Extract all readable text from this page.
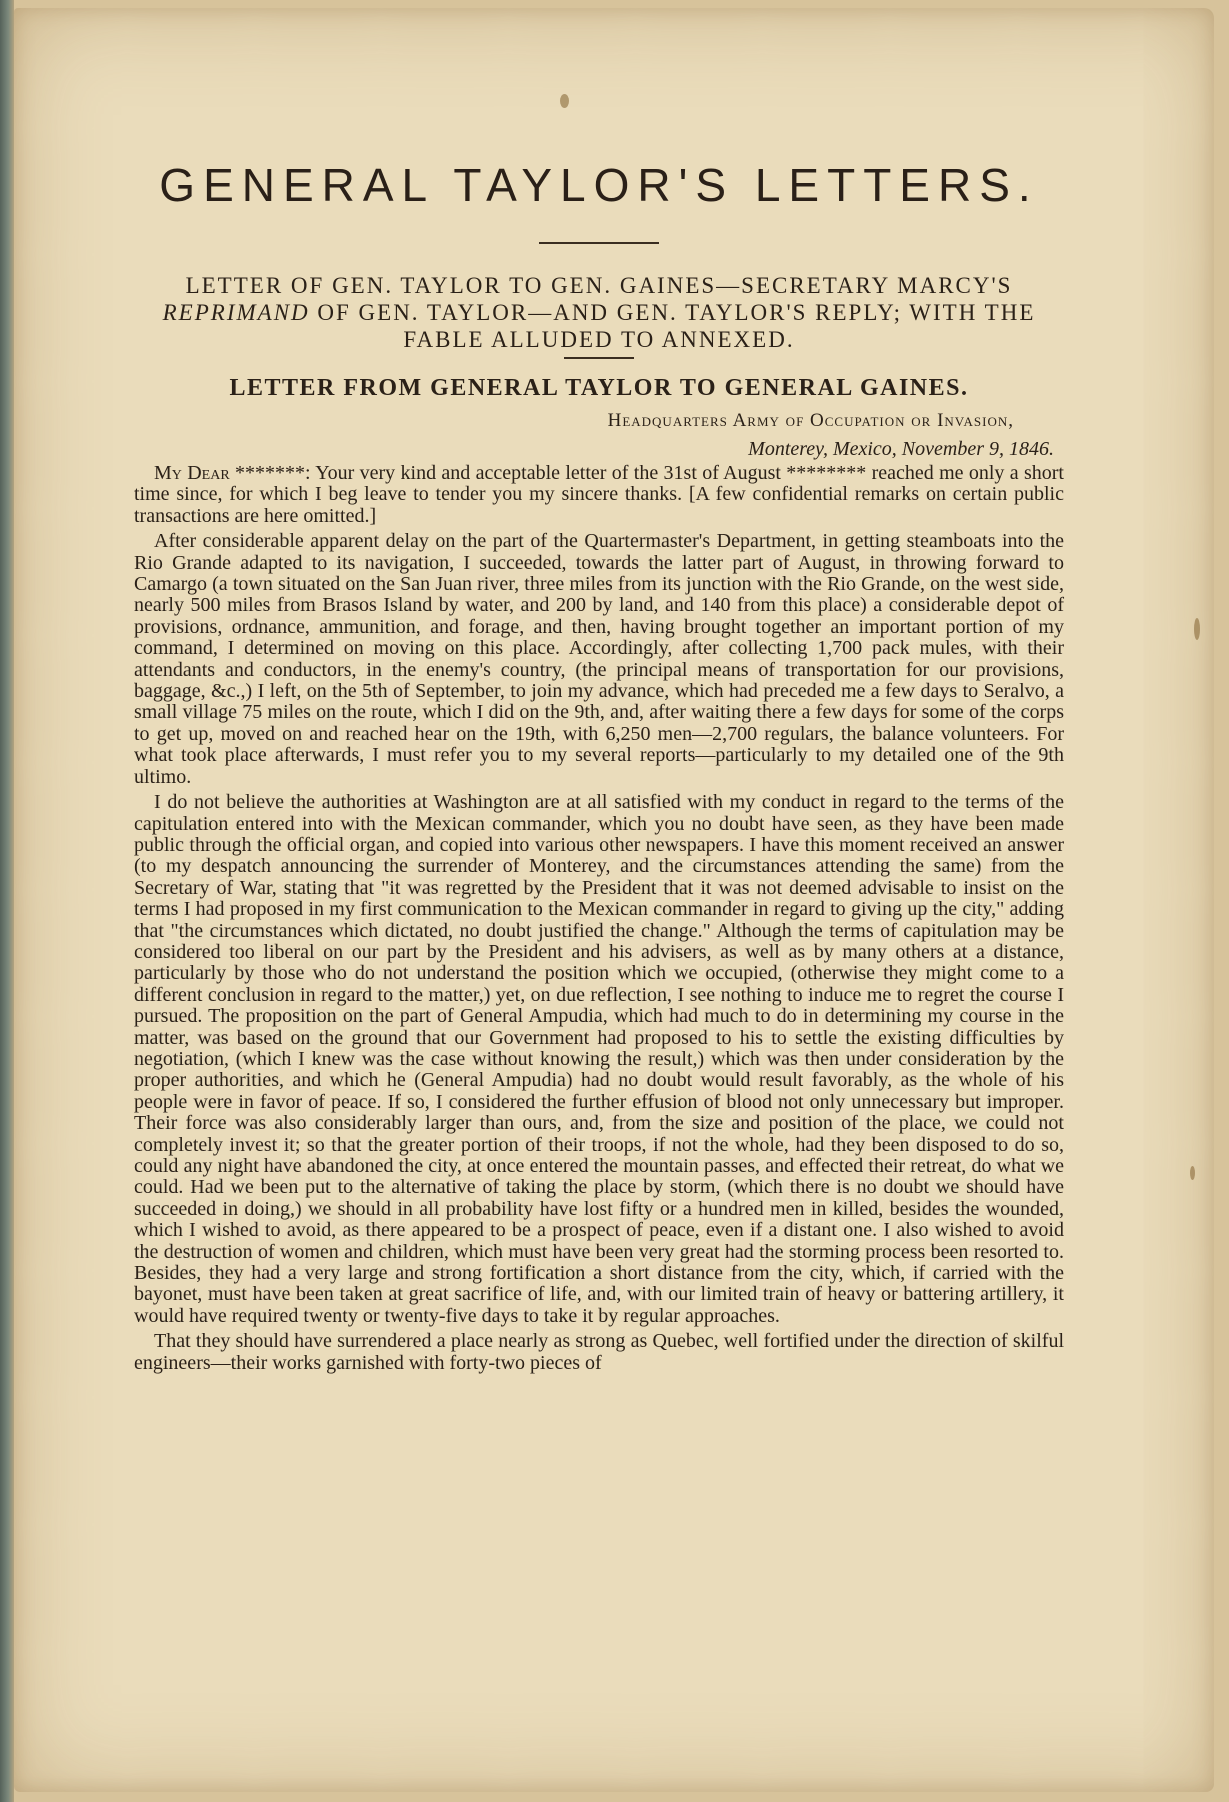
GENERAL TAYLOR'S LETTERS.

LETTER OF GEN. TAYLOR TO GEN. GAINES—SECRETARY MARCY'S REPRIMAND OF GEN. TAYLOR—AND GEN. TAYLOR'S REPLY; WITH THE FABLE ALLUDED TO ANNEXED.

LETTER FROM GENERAL TAYLOR TO GENERAL GAINES.
Headquarters Army of Occupation or Invasion,
Monterey, Mexico, November 9, 1846.

My Dear *******: Your very kind and acceptable letter of the 31st of August ******** reached me only a short time since, for which I beg leave to tender you my sincere thanks. [A few confidential remarks on certain public transactions are here omitted.]

After considerable apparent delay on the part of the Quartermaster's Department, in getting steamboats into the Rio Grande adapted to its navigation, I succeeded, towards the latter part of August, in throwing forward to Camargo (a town situated on the San Juan river, three miles from its junction with the Rio Grande, on the west side, nearly 500 miles from Brasos Island by water, and 200 by land, and 140 from this place) a considerable depot of provisions, ordnance, ammunition, and forage, and then, having brought together an important portion of my command, I determined on moving on this place. Accordingly, after collecting 1,700 pack mules, with their attendants and conductors, in the enemy's country, (the principal means of transportation for our provisions, baggage, &c.,) I left, on the 5th of September, to join my advance, which had preceded me a few days to Seralvo, a small village 75 miles on the route, which I did on the 9th, and, after waiting there a few days for some of the corps to get up, moved on and reached hear on the 19th, with 6,250 men—2,700 regulars, the balance volunteers. For what took place afterwards, I must refer you to my several reports—particularly to my detailed one of the 9th ultimo.

I do not believe the authorities at Washington are at all satisfied with my conduct in regard to the terms of the capitulation entered into with the Mexican commander, which you no doubt have seen, as they have been made public through the official organ, and copied into various other newspapers. I have this moment received an answer (to my despatch announcing the surrender of Monterey, and the circumstances attending the same) from the Secretary of War, stating that "it was regretted by the President that it was not deemed advisable to insist on the terms I had proposed in my first communication to the Mexican commander in regard to giving up the city," adding that "the circumstances which dictated, no doubt justified the change." Although the terms of capitulation may be considered too liberal on our part by the President and his advisers, as well as by many others at a distance, particularly by those who do not understand the position which we occupied, (otherwise they might come to a different conclusion in regard to the matter,) yet, on due reflection, I see nothing to induce me to regret the course I pursued. The proposition on the part of General Ampudia, which had much to do in determining my course in the matter, was based on the ground that our Government had proposed to his to settle the existing difficulties by negotiation, (which I knew was the case without knowing the result,) which was then under consideration by the proper authorities, and which he (General Ampudia) had no doubt would result favorably, as the whole of his people were in favor of peace. If so, I considered the further effusion of blood not only unnecessary but improper. Their force was also considerably larger than ours, and, from the size and position of the place, we could not completely invest it; so that the greater portion of their troops, if not the whole, had they been disposed to do so, could any night have abandoned the city, at once entered the mountain passes, and effected their retreat, do what we could. Had we been put to the alternative of taking the place by storm, (which there is no doubt we should have succeeded in doing,) we should in all probability have lost fifty or a hundred men in killed, besides the wounded, which I wished to avoid, as there appeared to be a prospect of peace, even if a distant one. I also wished to avoid the destruction of women and children, which must have been very great had the storming process been resorted to. Besides, they had a very large and strong fortification a short distance from the city, which, if carried with the bayonet, must have been taken at great sacrifice of life, and, with our limited train of heavy or battering artillery, it would have required twenty or twenty-five days to take it by regular approaches.

That they should have surrendered a place nearly as strong as Quebec, well fortified under the direction of skilful engineers—their works garnished with forty-two pieces of
